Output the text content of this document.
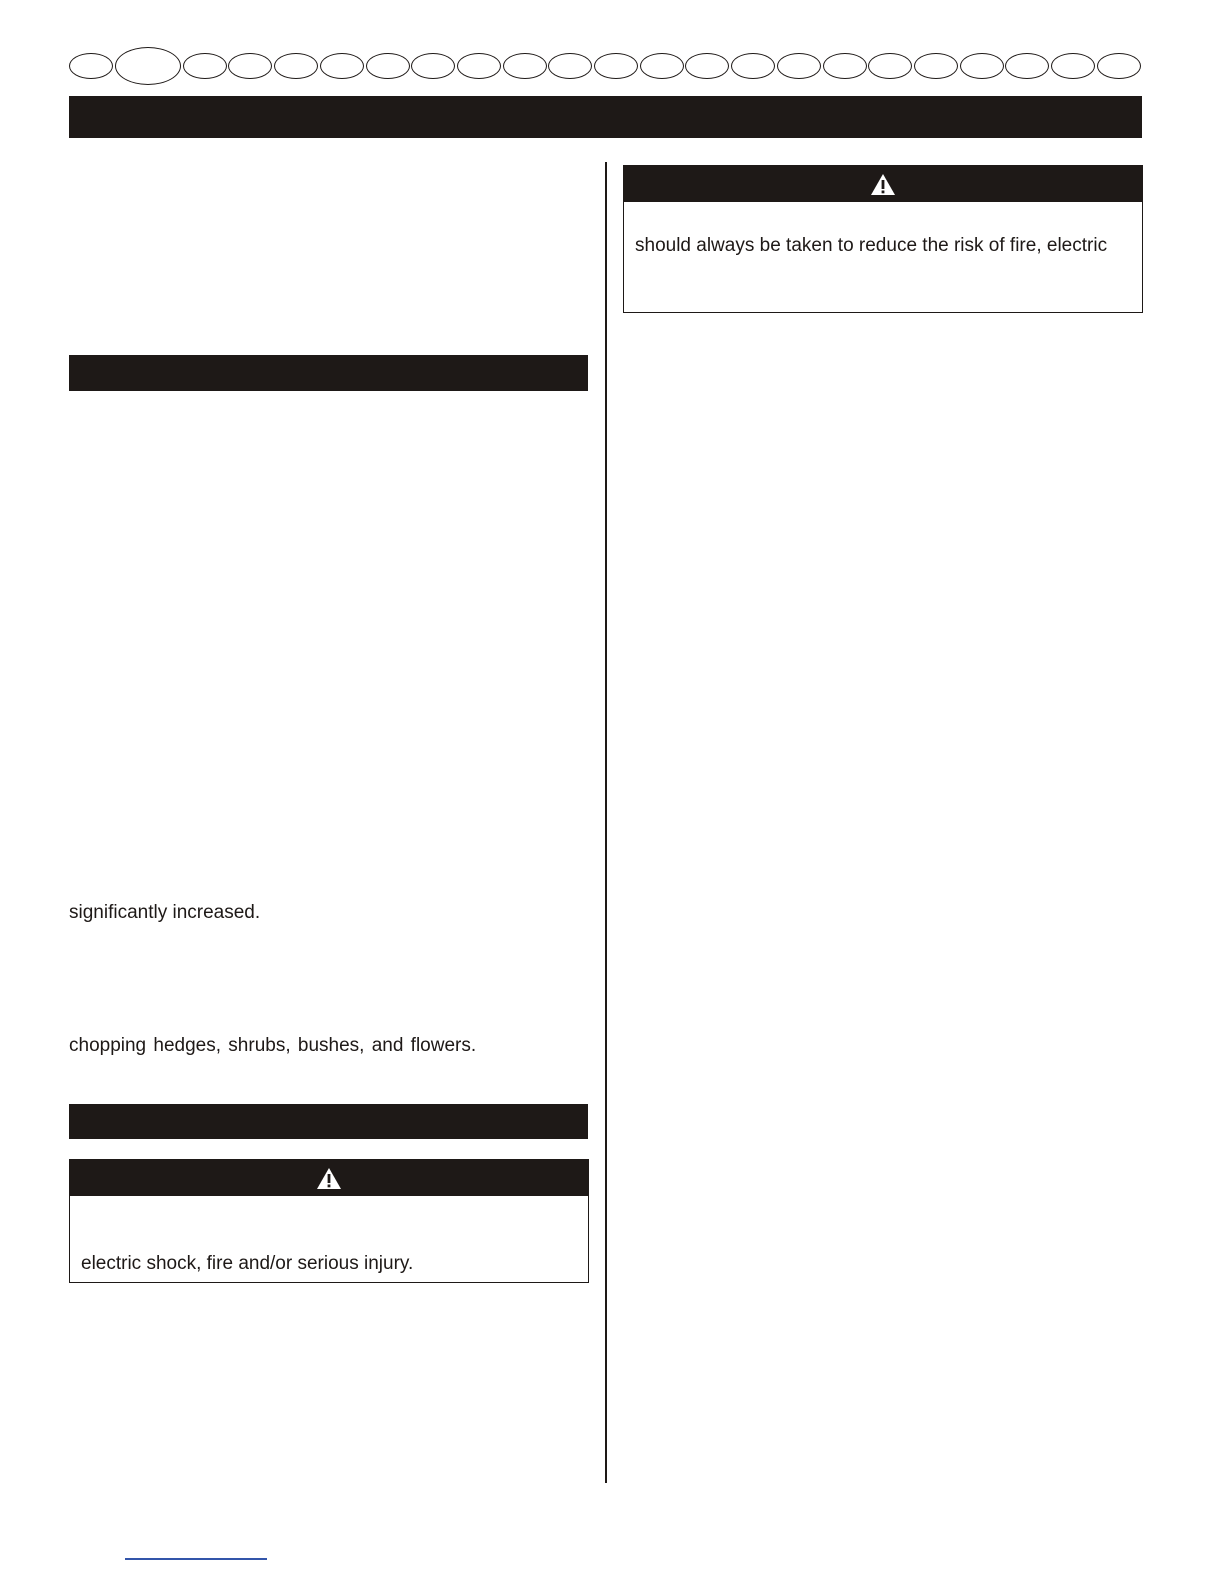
significantly increased.
chopping hedges, shrubs, bushes, and flowers.
electric shock, fire and/or serious injury.
should always be taken to reduce the risk of fire, electric
